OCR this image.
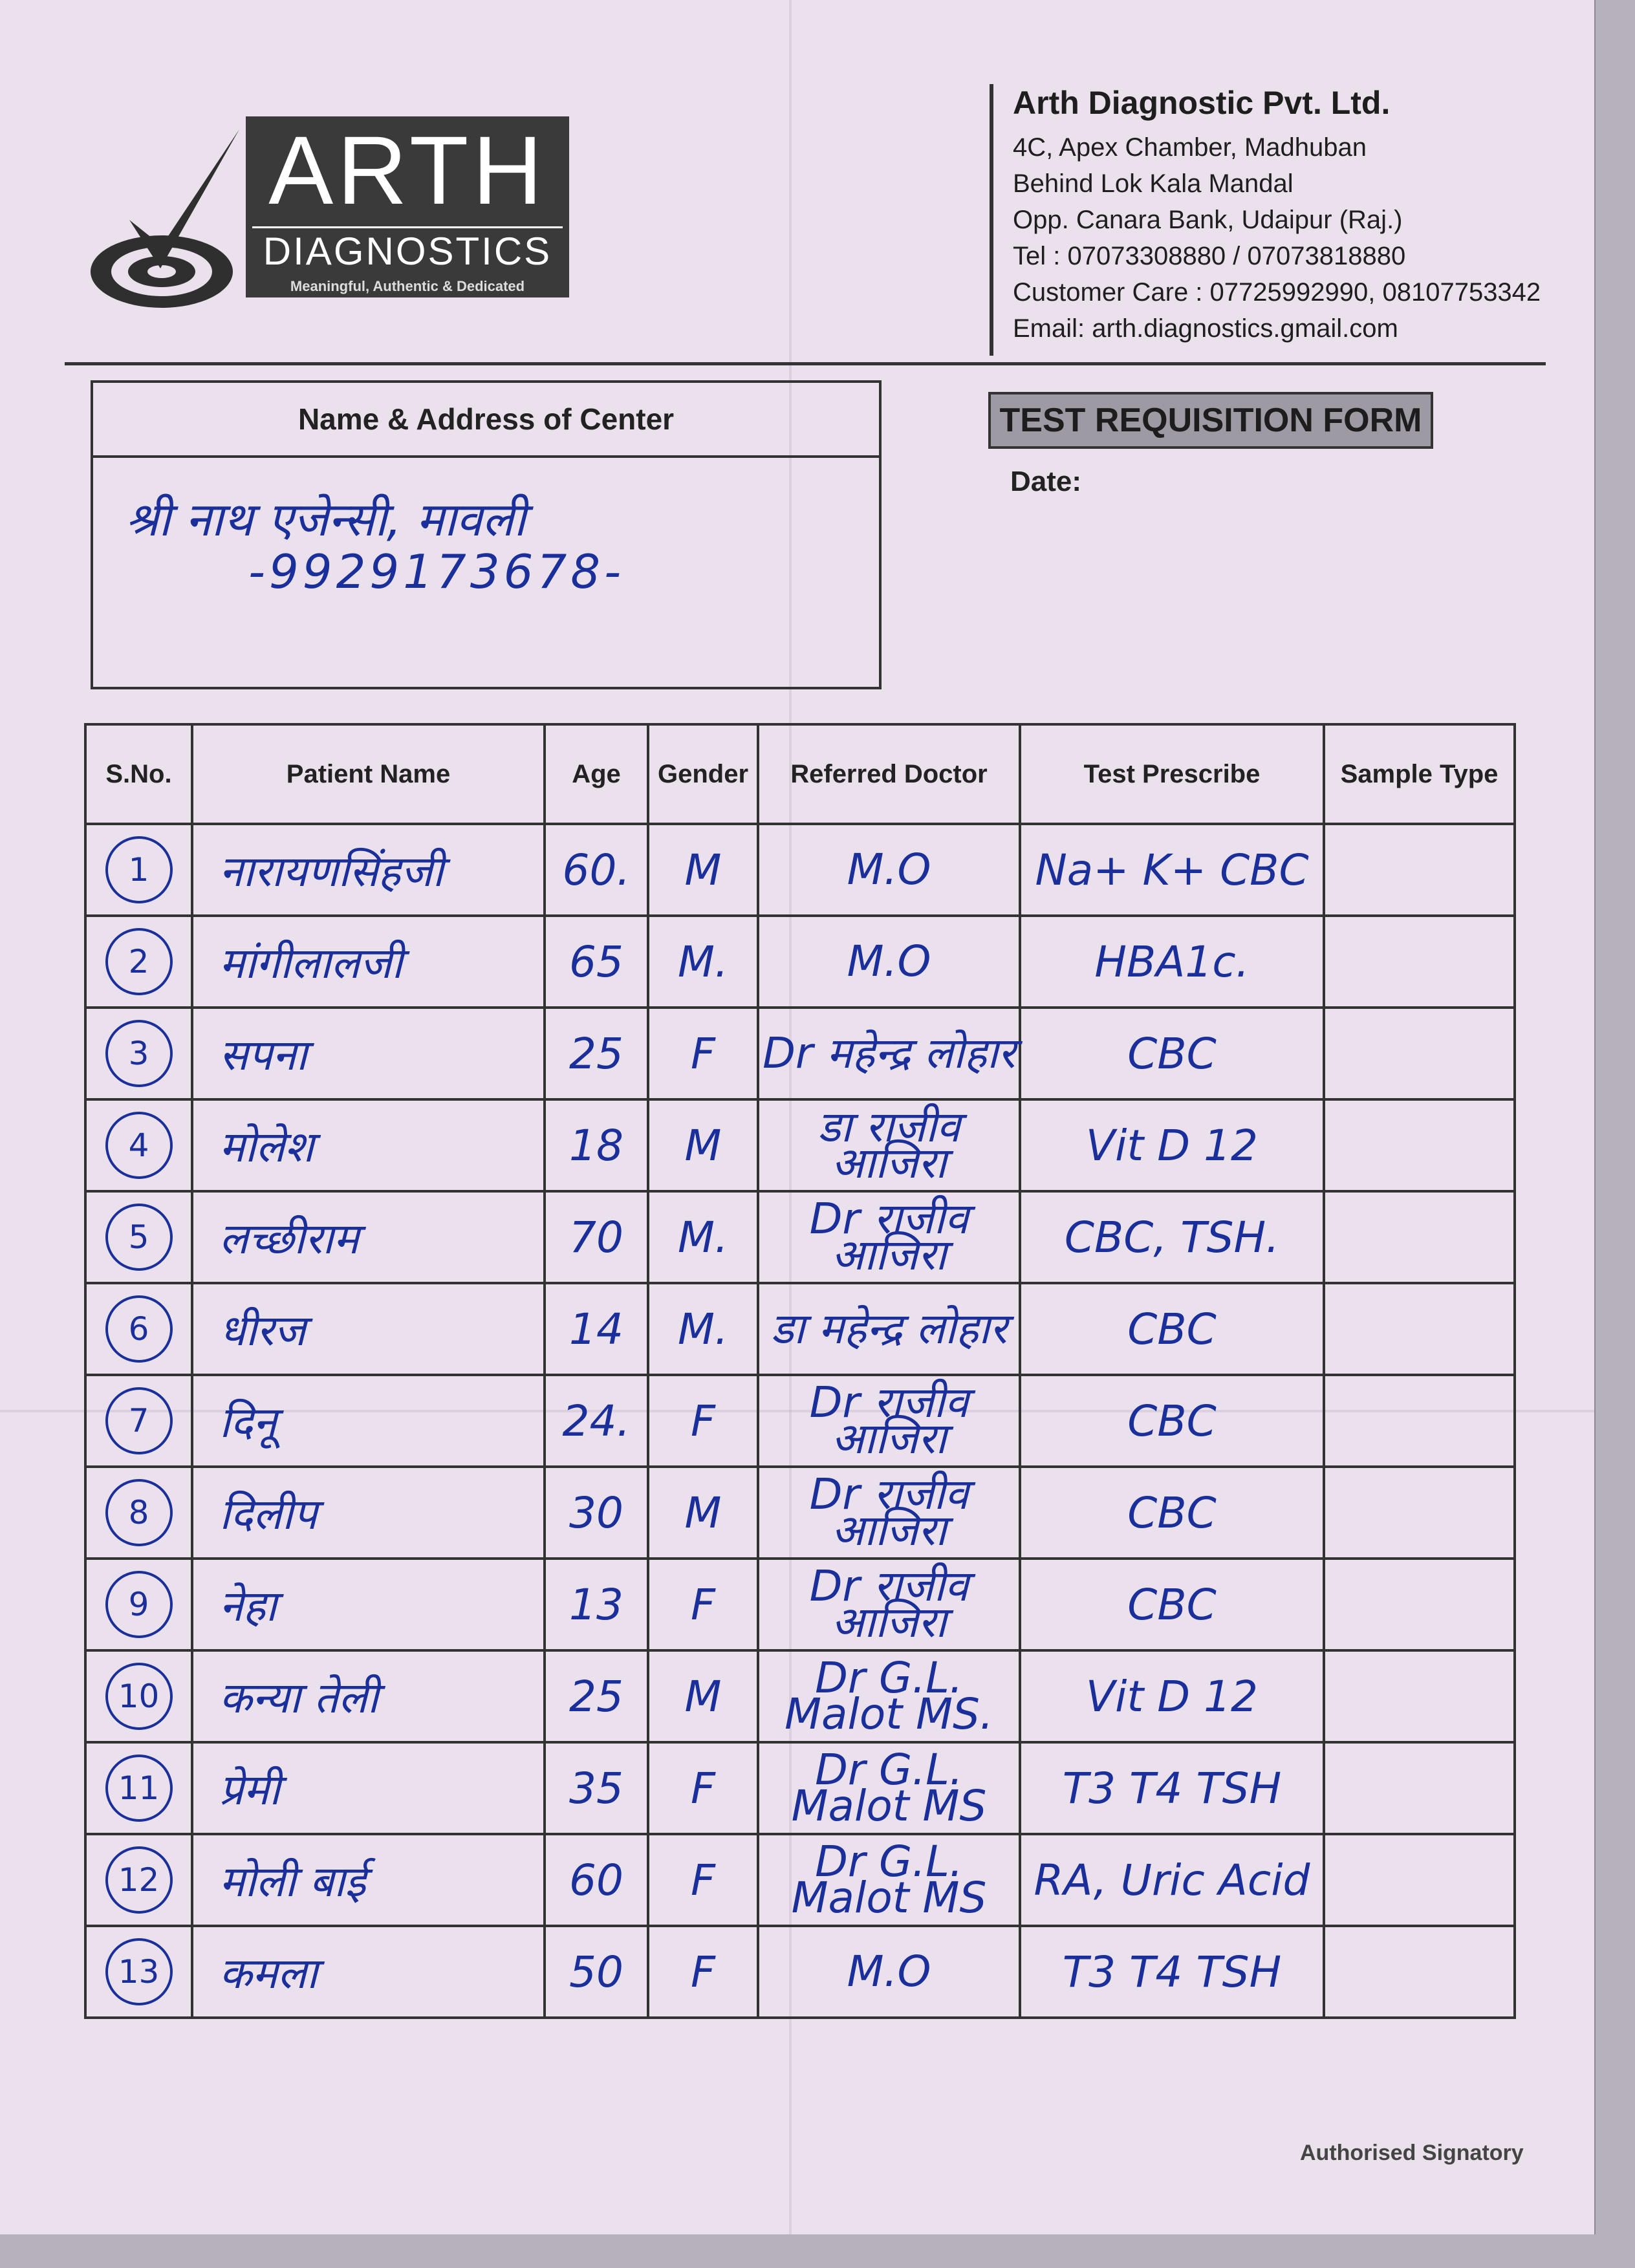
ARTH
DIAGNOSTICS
Meaningful, Authentic & Dedicated
Arth Diagnostic Pvt. Ltd.
4C, Apex Chamber, Madhuban
Behind Lok Kala Mandal
Opp. Canara Bank, Udaipur (Raj.)
Tel : 07073308880 / 07073818880
Customer Care : 07725992990, 08107753342
Email: arth.diagnostics.gmail.com
Name & Address of Center
श्री नाथ एजेन्सी, मावली
-9929173678-
TEST REQUISITION FORM
Date:
S.No.	Patient Name	Age	Gender	Referred Doctor	Test Prescribe	Sample Type
1	नारायणसिंहजी	60.	M	M.O	Na+ K+ CBC	
2	मांगीलालजी	65	M.	M.O	HBA1c.	
3	सपना	25	F	Dr महेन्द्र लोहार	CBC	
4	मोलेश	18	M	डा राजीव आजिरा	Vit D 12	
5	लच्छीराम	70	M.	Dr राजीव आजिरा	CBC, TSH.	
6	धीरज	14	M.	डा महेन्द्र लोहार	CBC	
7	दिनू	24.	F	Dr राजीव आजिरा	CBC	
8	दिलीप	30	M	Dr राजीव आजिरा	CBC	
9	नेहा	13	F	Dr राजीव आजिरा	CBC	
10	कन्या तेली	25	M	Dr G.L. Malot MS.	Vit D 12	
11	प्रेमी	35	F	Dr G.L. Malot MS	T3 T4 TSH	
12	मोली बाई	60	F	Dr G.L. Malot MS	RA, Uric Acid	
13	कमला	50	F	M.O	T3 T4 TSH	
Authorised Signatory
